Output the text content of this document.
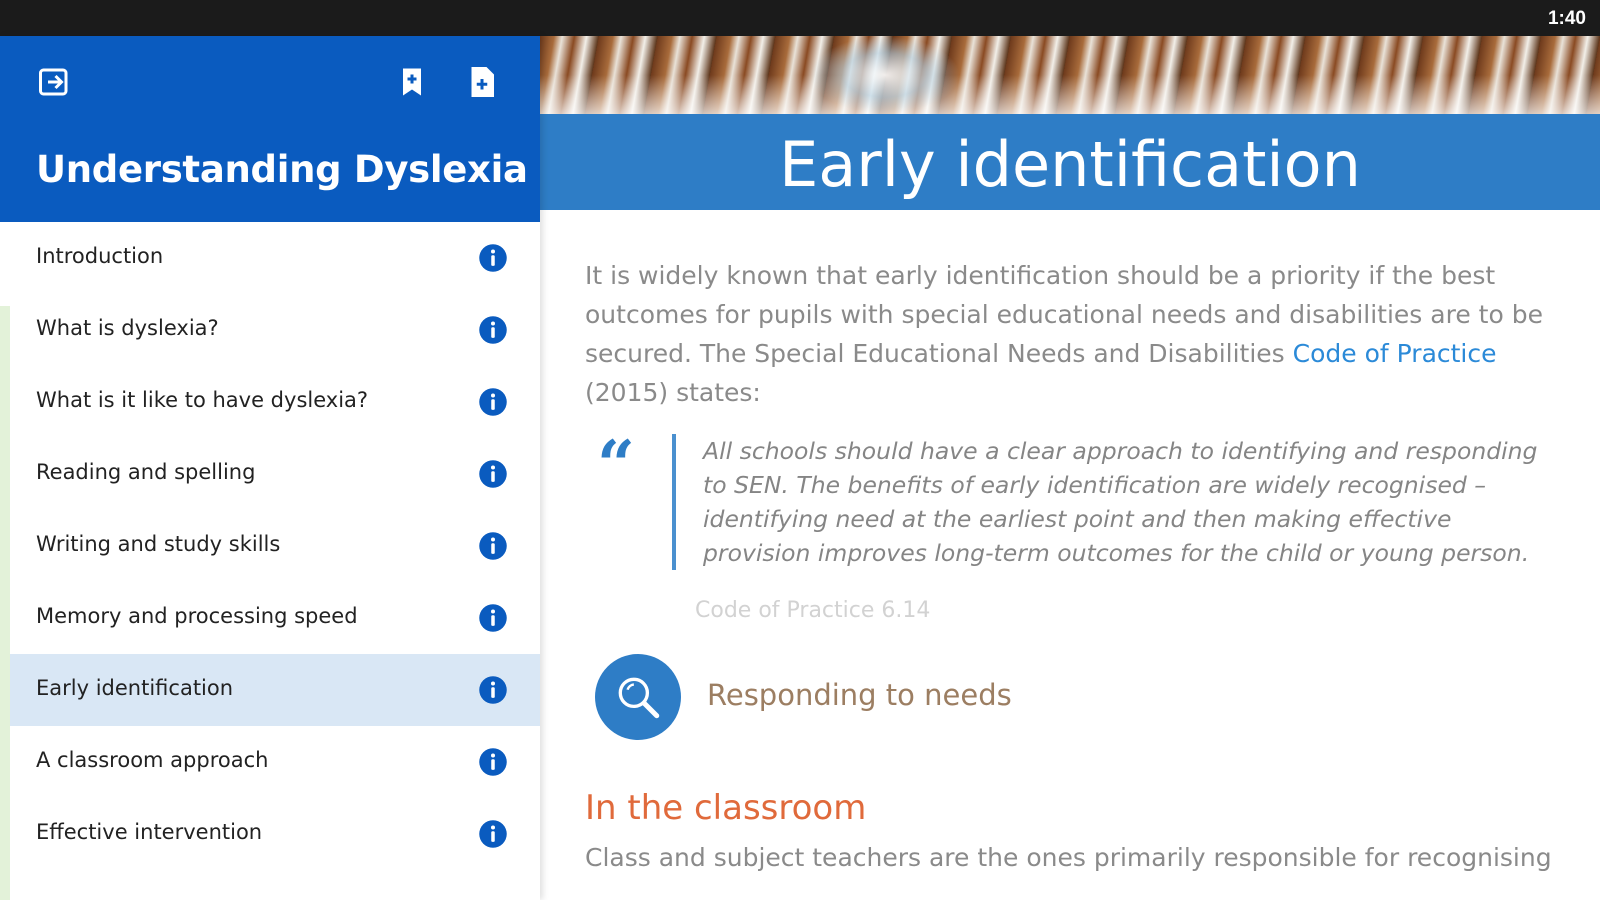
1:40
Understanding Dyslexia
Introduction
What is dyslexia?
What is it like to have dyslexia?
Reading and spelling
Writing and study skills
Memory and processing speed
Early identification
A classroom approach
Effective intervention
Early identification
It is widely known that early identification should be a priority if the best outcomes for pupils with special educational needs and disabilities are to be secured. The Special Educational Needs and Disabilities Code of Practice (2015) states:
“	All schools should have a clear approach to identifying and responding to SEN. The benefits of early identification are widely recognised – identifying need at the earliest point and then making effective provision improves long-term outcomes for the child or young person.
Code of Practice 6.14
Responding to needs
In the classroom
Class and subject teachers are the ones primarily responsible for recognising
